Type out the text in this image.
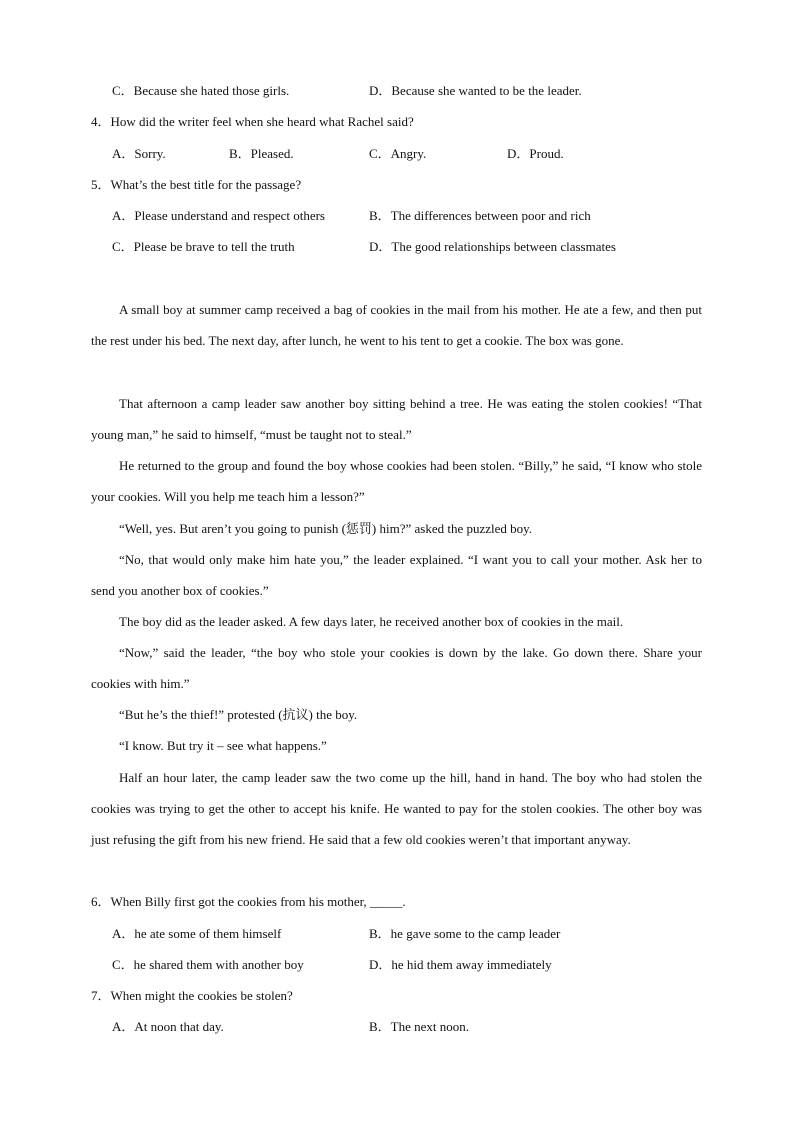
C．Because she hated those girls.	D．Because she wanted to be the leader.
4．How did the writer feel when she heard what Rachel said?
A．Sorry.	B．Pleased.	C．Angry.	D．Proud.
5．What’s the best title for the passage?
A．Please understand and respect others	B．The differences between poor and rich
C．Please be brave to tell the truth	D．The good relationships between classmates
A small boy at summer camp received a bag of cookies in the mail from his mother. He ate a few, and then put the rest under his bed. The next day, after lunch, he went to his tent to get a cookie. The box was gone.
That afternoon a camp leader saw another boy sitting behind a tree. He was eating the stolen cookies! “That young man,” he said to himself, “must be taught not to steal.”
He returned to the group and found the boy whose cookies had been stolen. “Billy,” he said, “I know who stole your cookies. Will you help me teach him a lesson?”
“Well, yes. But aren’t you going to punish (惩罚) him?” asked the puzzled boy.
“No, that would only make him hate you,” the leader explained. “I want you to call your mother. Ask her to send you another box of cookies.”
The boy did as the leader asked. A few days later, he received another box of cookies in the mail.
“Now,” said the leader, “the boy who stole your cookies is down by the lake. Go down there. Share your cookies with him.”
“But he’s the thief!” protested (抗议) the boy.
“I know. But try it – see what happens.”
Half an hour later, the camp leader saw the two come up the hill, hand in hand. The boy who had stolen the cookies was trying to get the other to accept his knife. He wanted to pay for the stolen cookies. The other boy was just refusing the gift from his new friend. He said that a few old cookies weren’t that important anyway.
6．When Billy first got the cookies from his mother, _____.
A．he ate some of them himself	B．he gave some to the camp leader
C．he shared them with another boy	D．he hid them away immediately
7．When might the cookies be stolen?
A．At noon that day.	B．The next noon.
